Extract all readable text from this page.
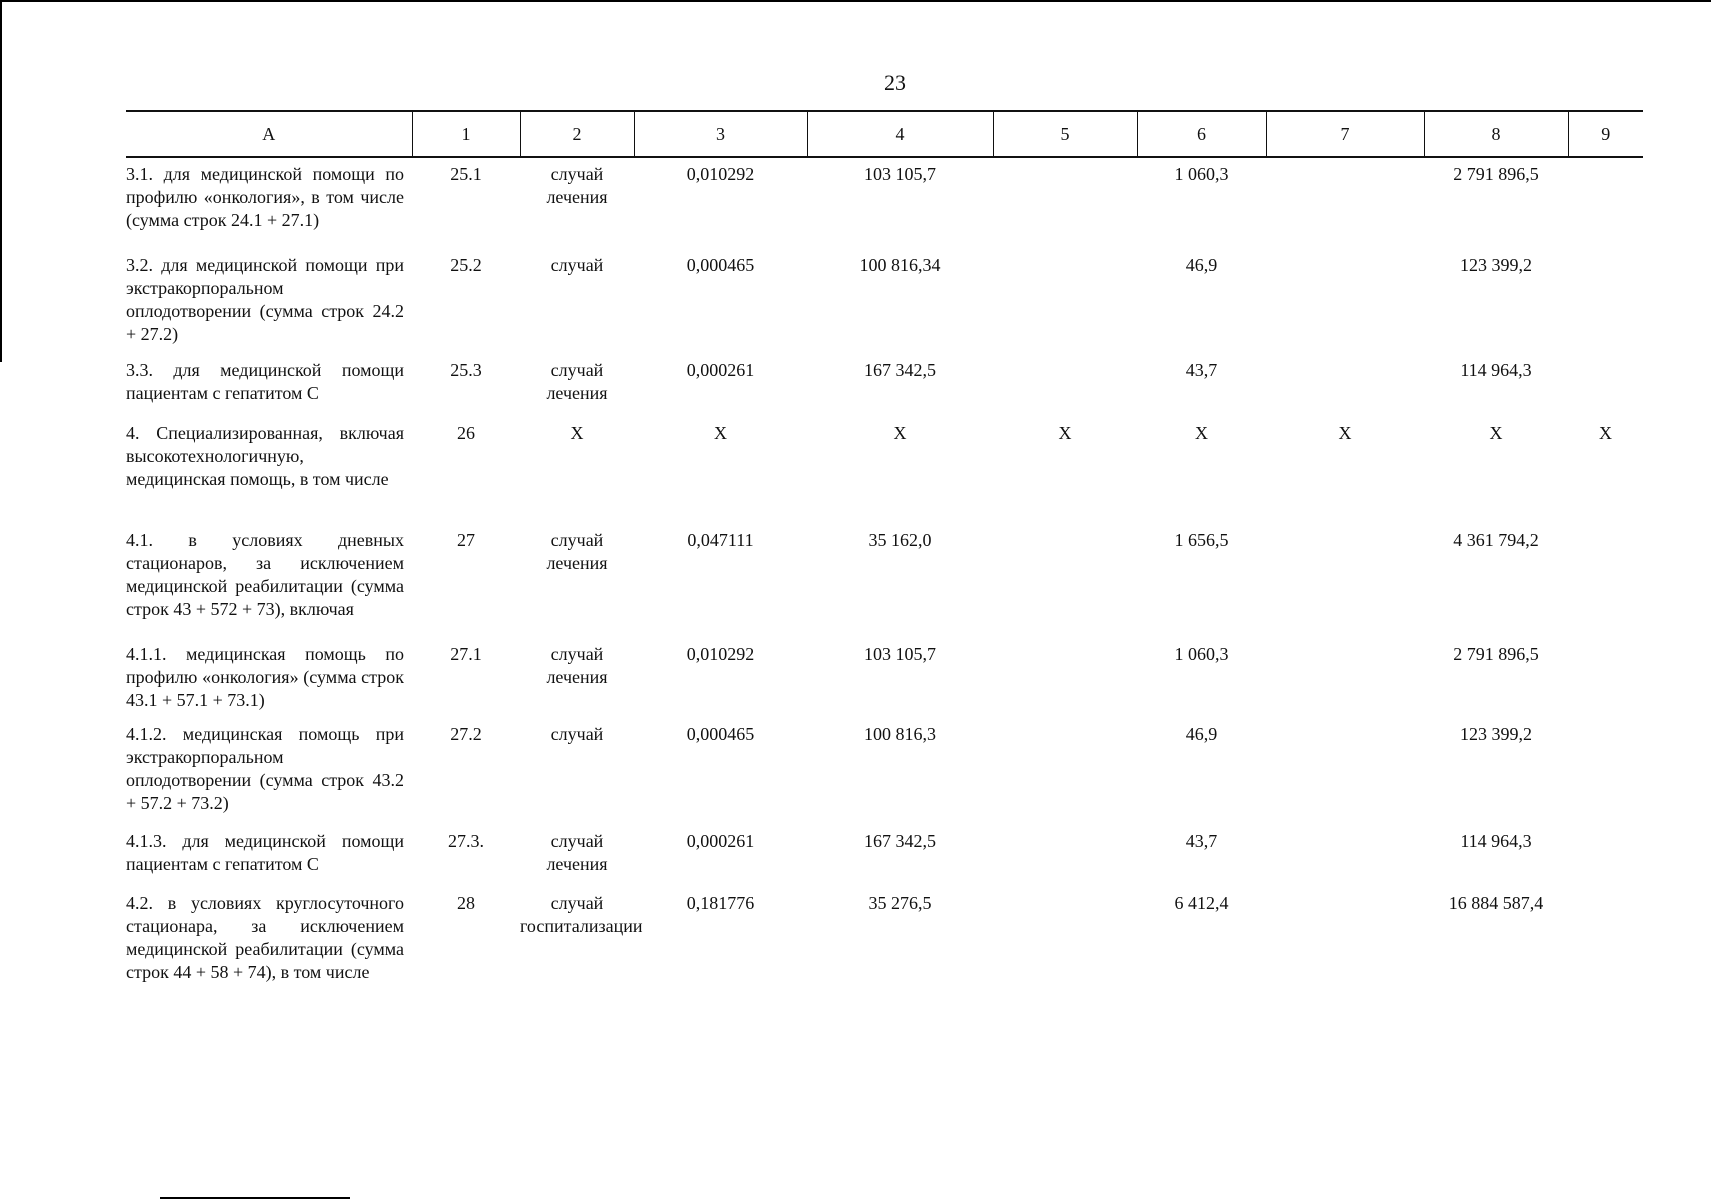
23
А	1	2	3	4	5	6	7	8	9
3.1. для медицинской помощи по профилю «онкология», в том числе (сумма строк 24.1 + 27.1)	25.1	случай лечения	0,010292	103 105,7		1 060,3		2 791 896,5	
3.2. для медицинской помощи при экстракорпоральном оплодотворении (сумма строк 24.2 + 27.2)	25.2	случай	0,000465	100 816,34		46,9		123 399,2	
3.3. для медицинской помощи пациентам с гепатитом С	25.3	случай лечения	0,000261	167 342,5		43,7		114 964,3	
4. Специализированная, включая высокотехнологичную, медицинская помощь, в том числе	26	Х	Х	Х	Х	Х	Х	Х	Х
4.1. в условиях дневных стационаров, за исключением медицинской реабилитации (сумма строк 43 + 572 + 73), включая	27	случай лечения	0,047111	35 162,0		1 656,5		4 361 794,2	
4.1.1. медицинская помощь по профилю «онкология» (сумма строк 43.1 + 57.1 + 73.1)	27.1	случай лечения	0,010292	103 105,7		1 060,3		2 791 896,5	
4.1.2. медицинская помощь при экстракорпоральном оплодотворении (сумма строк 43.2 + 57.2 + 73.2)	27.2	случай	0,000465	100 816,3		46,9		123 399,2	
4.1.3. для медицинской помощи пациентам с гепатитом С	27.3.	случай лечения	0,000261	167 342,5		43,7		114 964,3	
4.2. в условиях круглосуточного стационара, за исключением медицинской реабилитации (сумма строк 44 + 58 + 74), в том числе	28	случай госпитализации	0,181776	35 276,5		6 412,4		16 884 587,4	
